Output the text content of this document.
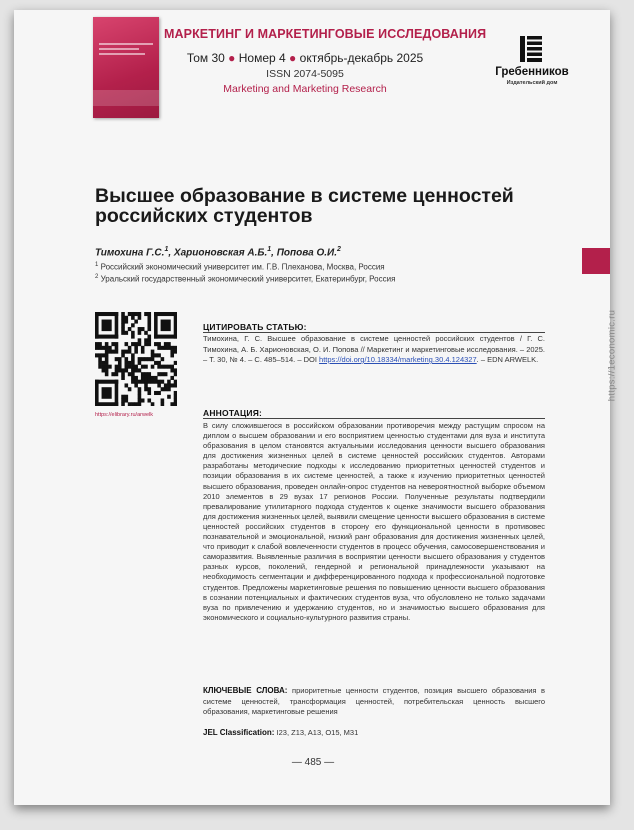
МАРКЕТИНГ И МАРКЕТИНГОВЫЕ ИССЛЕДОВАНИЯ
Том 30 ● Номер 4 ● октябрь-декабрь 2025
ISSN 2074-5095
Marketing and Marketing Research
Гребенников
Издательский дом
Высшее образование в системе ценностей
российских студентов
Тимохина Г.С.$^1$, Харионовская А.Б.$^1$, Попова О.И.$^2$
$^1$ Российский экономический университет им. Г.В. Плеханова, Москва, Россия
$^2$ Уральский государственный экономический университет, Екатеринбург, Россия
https://1economic.ru
https://elibrary.ru/arwelk
ЦИТИРОВАТЬ СТАТЬЮ:
Тимохина, Г. С. Высшее образование в системе ценностей российских студентов / Г. С. Тимохина, А. Б. Харионовская, О. И. Попова // Маркетинг и маркетинговые исследования. – 2025. – Т. 30, № 4. – С. 485–514. – DOI https://doi.org/10.18334/marketing.30.4.124327. – EDN ARWELK.
АННОТАЦИЯ:
В силу сложившегося в российском образовании противоречия между растущим спросом на диплом о высшем образовании и его восприятием ценностью студентами для вуза и института образования в целом становятся актуальными исследования ценности высшего образования для достижения жизненных целей в системе ценностей российских студентов. Авторами разработаны методические подходы к исследованию приоритетных ценностей студентов и позиции образования в их системе ценностей, а также к изучению приоритетных ценностей высшего образования, проведен онлайн-опрос студентов на невероятностной выборке объемом 2010 элементов в 29 вузах 17 регионов России. Полученные результаты подтвердили превалирование утилитарного подхода студентов к оценке значимости высшего образования для достижения жизненных целей, выявили смещение ценности высшего образования в системе ценностей российских студентов в сторону его функциональной ценности в противовес познавательной и эмоциональной, низкий ранг образования для достижения жизненных целей, что приводит к слабой вовлеченности студентов в процесс обучения, самосовершенствования и саморазвития. Выявленные различия в восприятии ценности высшего образования у студентов разных курсов, поколений, гендерной и региональной принадлежности указывают на необходимость сегментации и дифференцированного подхода к профессиональной подготовке студентов. Предложены маркетинговые решения по повышению ценности высшего образования в сознании потенциальных и фактических студентов вуза, что обусловлено не только задачами вуза по привлечению и удержанию студентов, но и значимостью высшего образования для экономического и социально-культурного развития страны.
КЛЮЧЕВЫЕ СЛОВА: приоритетные ценности студентов, позиция высшего образования в системе ценностей, трансформация ценностей, потребительская ценность высшего образования, маркетинговые решения
JEL Classification: I23, Z13, A13, O15, M31
— 485 —
